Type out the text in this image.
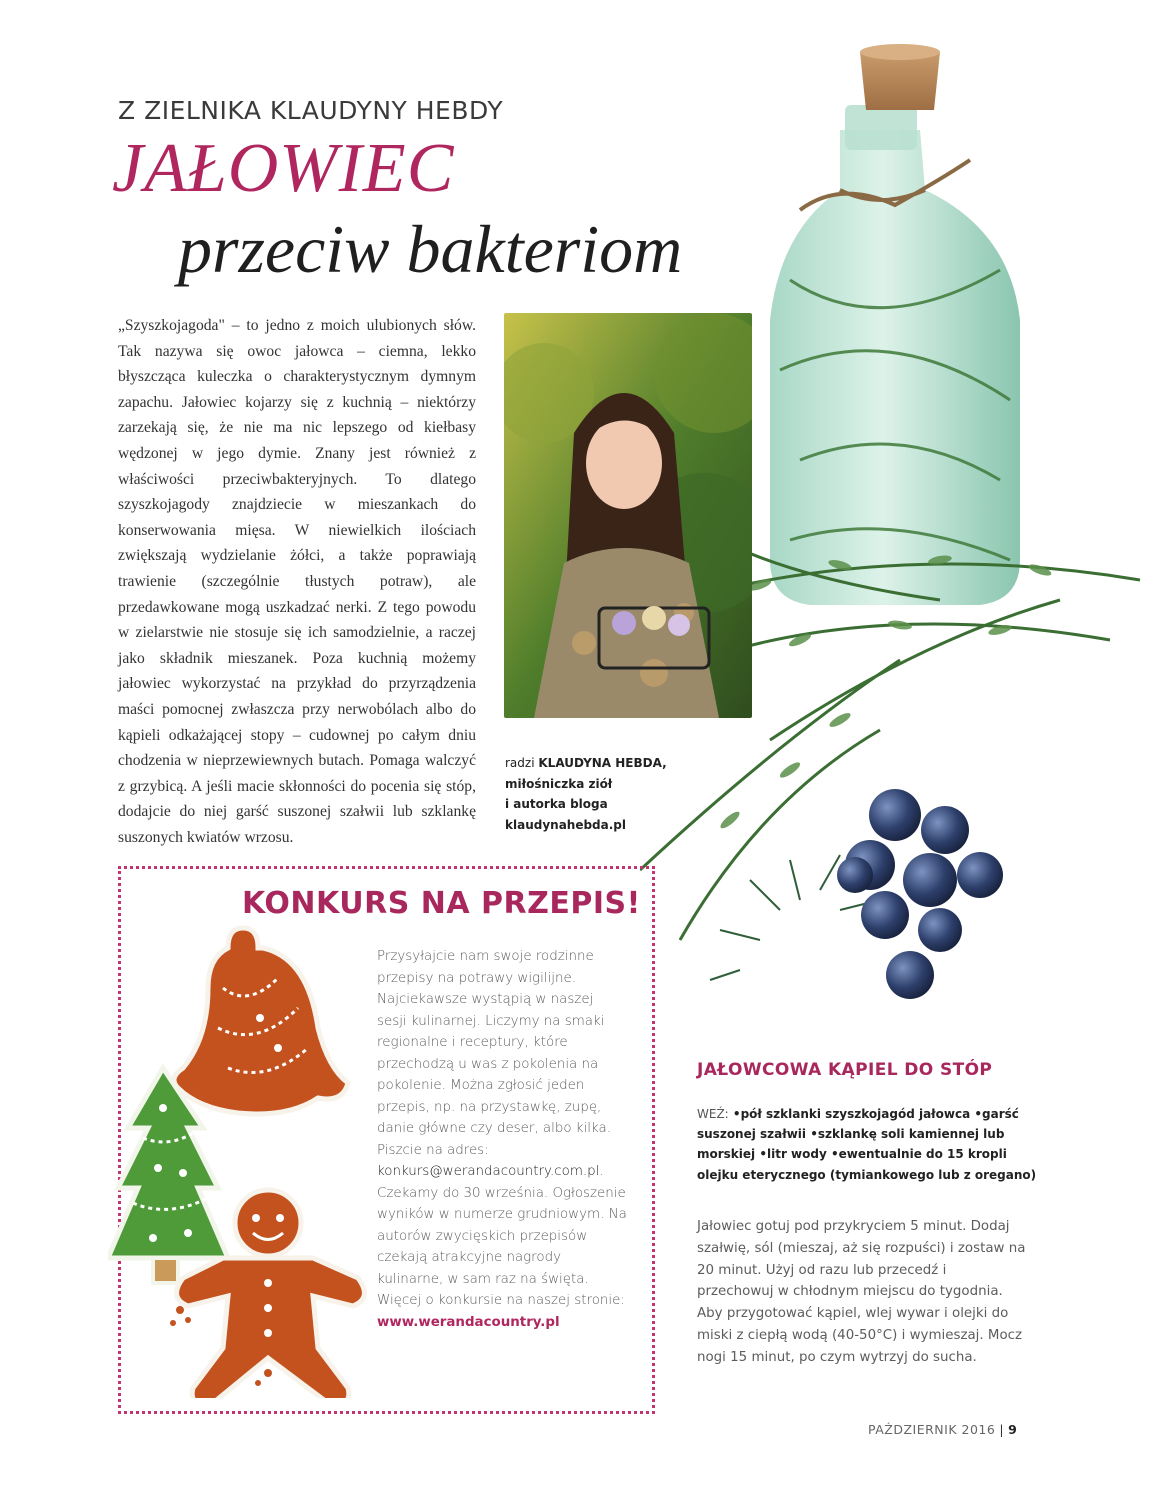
Z ZIELNIKA KLAUDYNY HEBDY
JAŁOWIEC
przeciw bakteriom
„Szyszkojagoda" – to jedno z moich ulubionych słów. Tak nazywa się owoc jałowca – ciemna, lekko błyszcząca kuleczka o charakterystycznym dymnym zapachu. Jałowiec kojarzy się z kuchnią – niektórzy zarzekają się, że nie ma nic lepszego od kiełbasy wędzonej w jego dymie. Znany jest również z właściwości przeciwbakteryjnych. To dlatego szyszkojagody znajdziecie w mieszankach do konserwowania mięsa. W niewielkich ilościach zwiększają wydzielanie żółci, a także poprawiają trawienie (szczególnie tłustych potraw), ale przedawkowane mogą uszkadzać nerki. Z tego powodu w zielarstwie nie stosuje się ich samodzielnie, a raczej jako składnik mieszanek. Poza kuchnią możemy jałowiec wykorzystać na przykład do przyrządzenia maści pomocnej zwłaszcza przy nerwobólach albo do kąpieli odkażającej stopy – cudownej po całym dniu chodzenia w nieprzewiewnych butach. Pomaga walczyć z grzybicą. A jeśli macie skłonności do pocenia się stóp, dodajcie do niej garść suszonej szałwii lub szklankę suszonych kwiatów wrzosu.
radzi KLAUDYNA HEBDA,
miłośniczka ziół
i autorka bloga
klaudynahebda.pl
KONKURS NA PRZEPIS!
Przysyłajcie nam swoje rodzinne przepisy na potrawy wigilijne. Najciekawsze wystąpią w naszej sesji kulinarnej. Liczymy na smaki regionalne i receptury, które przechodzą u was z pokolenia na pokolenie. Można zgłosić jeden przepis, np. na przystawkę, zupę, danie główne czy deser, albo kilka. Piszcie na adres: konkurs@werandacountry.com.pl. Czekamy do 30 września. Ogłoszenie wyników w numerze grudniowym. Na autorów zwycięskich przepisów czekają atrakcyjne nagrody kulinarne, w sam raz na święta. Więcej o konkursie na naszej stronie:
www.werandacountry.pl
JAŁOWCOWA KĄPIEL DO STÓP
WEŹ: •pół szklanki szyszkojagód jałowca •garść suszonej szałwii •szklankę soli kamiennej lub morskiej •litr wody •ewentualnie do 15 kropli olejku eterycznego (tymiankowego lub z oregano)
Jałowiec gotuj pod przykryciem 5 minut. Dodaj szałwię, sól (mieszaj, aż się rozpuści) i zostaw na 20 minut. Użyj od razu lub przecedź i przechowuj w chłodnym miejscu do tygodnia. Aby przygotować kąpiel, wlej wywar i olejki do miski z ciepłą wodą (40-50°C) i wymieszaj. Mocz nogi 15 minut, po czym wytrzyj do sucha.
PAŹDZIERNIK 2016 | 9
